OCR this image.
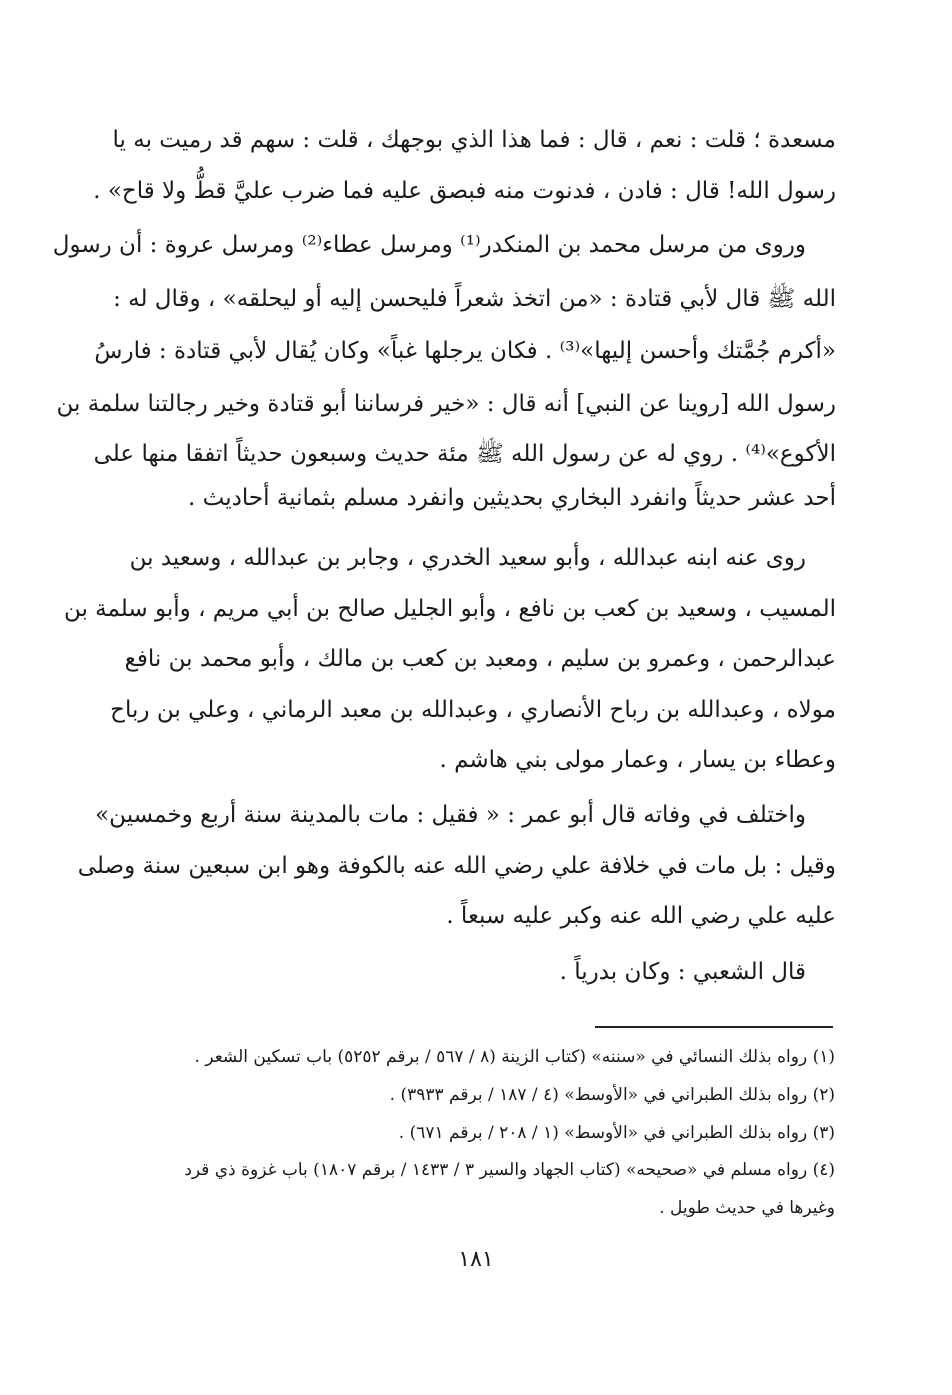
مسعدة ؛ قلت : نعم ، قال : فما هذا الذي بوجهك ، قلت : سهم قد رميت به يا
رسول الله! قال : فادن ، فدنوت منه فبصق عليه فما ضرب عليَّ قطُّ ولا قاح» .
وروى من مرسل محمد بن المنكدر⁽¹⁾ ومرسل عطاء⁽²⁾ ومرسل عروة : أن رسول
الله ﷺ قال لأبي قتادة : «من اتخذ شعراً فليحسن إليه أو ليحلقه» ، وقال له :
«أكرم جُمَّتك وأحسن إليها»⁽³⁾ . فكان يرجلها غباً» وكان يُقال لأبي قتادة : فارسُ
رسول الله [روينا عن النبي] أنه قال : «خير فرساننا أبو قتادة وخير رجالتنا سلمة بن
الأكوع»⁽⁴⁾ . روي له عن رسول الله ﷺ مئة حديث وسبعون حديثاً اتفقا منها على
أحد عشر حديثاً وانفرد البخاري بحديثين وانفرد مسلم بثمانية أحاديث .
روى عنه ابنه عبدالله ، وأبو سعيد الخدري ، وجابر بن عبدالله ، وسعيد بن
المسيب ، وسعيد بن كعب بن نافع ، وأبو الجليل صالح بن أبي مريم ، وأبو سلمة بن
عبدالرحمن ، وعمرو بن سليم ، ومعبد بن كعب بن مالك ، وأبو محمد بن نافع
مولاه ، وعبدالله بن رباح الأنصاري ، وعبدالله بن معبد الرماني ، وعلي بن رباح
وعطاء بن يسار ، وعمار مولى بني هاشم .
واختلف في وفاته قال أبو عمر : « فقيل : مات بالمدينة سنة أربع وخمسين»
وقيل : بل مات في خلافة علي رضي الله عنه بالكوفة وهو ابن سبعين سنة وصلى
عليه علي رضي الله عنه وكبر عليه سبعاً .
قال الشعبي : وكان بدرياً .
(١) رواه بذلك النسائي في «سننه» (كتاب الزينة (٨ / ٥٦٧ / برقم ٥٢٥٢) باب تسكين الشعر .
(٢) رواه بذلك الطبراني في «الأوسط» (٤ / ١٨٧ / برقم ٣٩٣٣) .
(٣) رواه بذلك الطبراني في «الأوسط» (١ / ٢٠٨ / برقم ٦٧١) .
(٤) رواه مسلم في «صحيحه» (كتاب الجهاد والسير ٣ / ١٤٣٣ / برقم ١٨٠٧) باب غزوة ذي قرد
وغيرها في حديث طويل .
١٨١
